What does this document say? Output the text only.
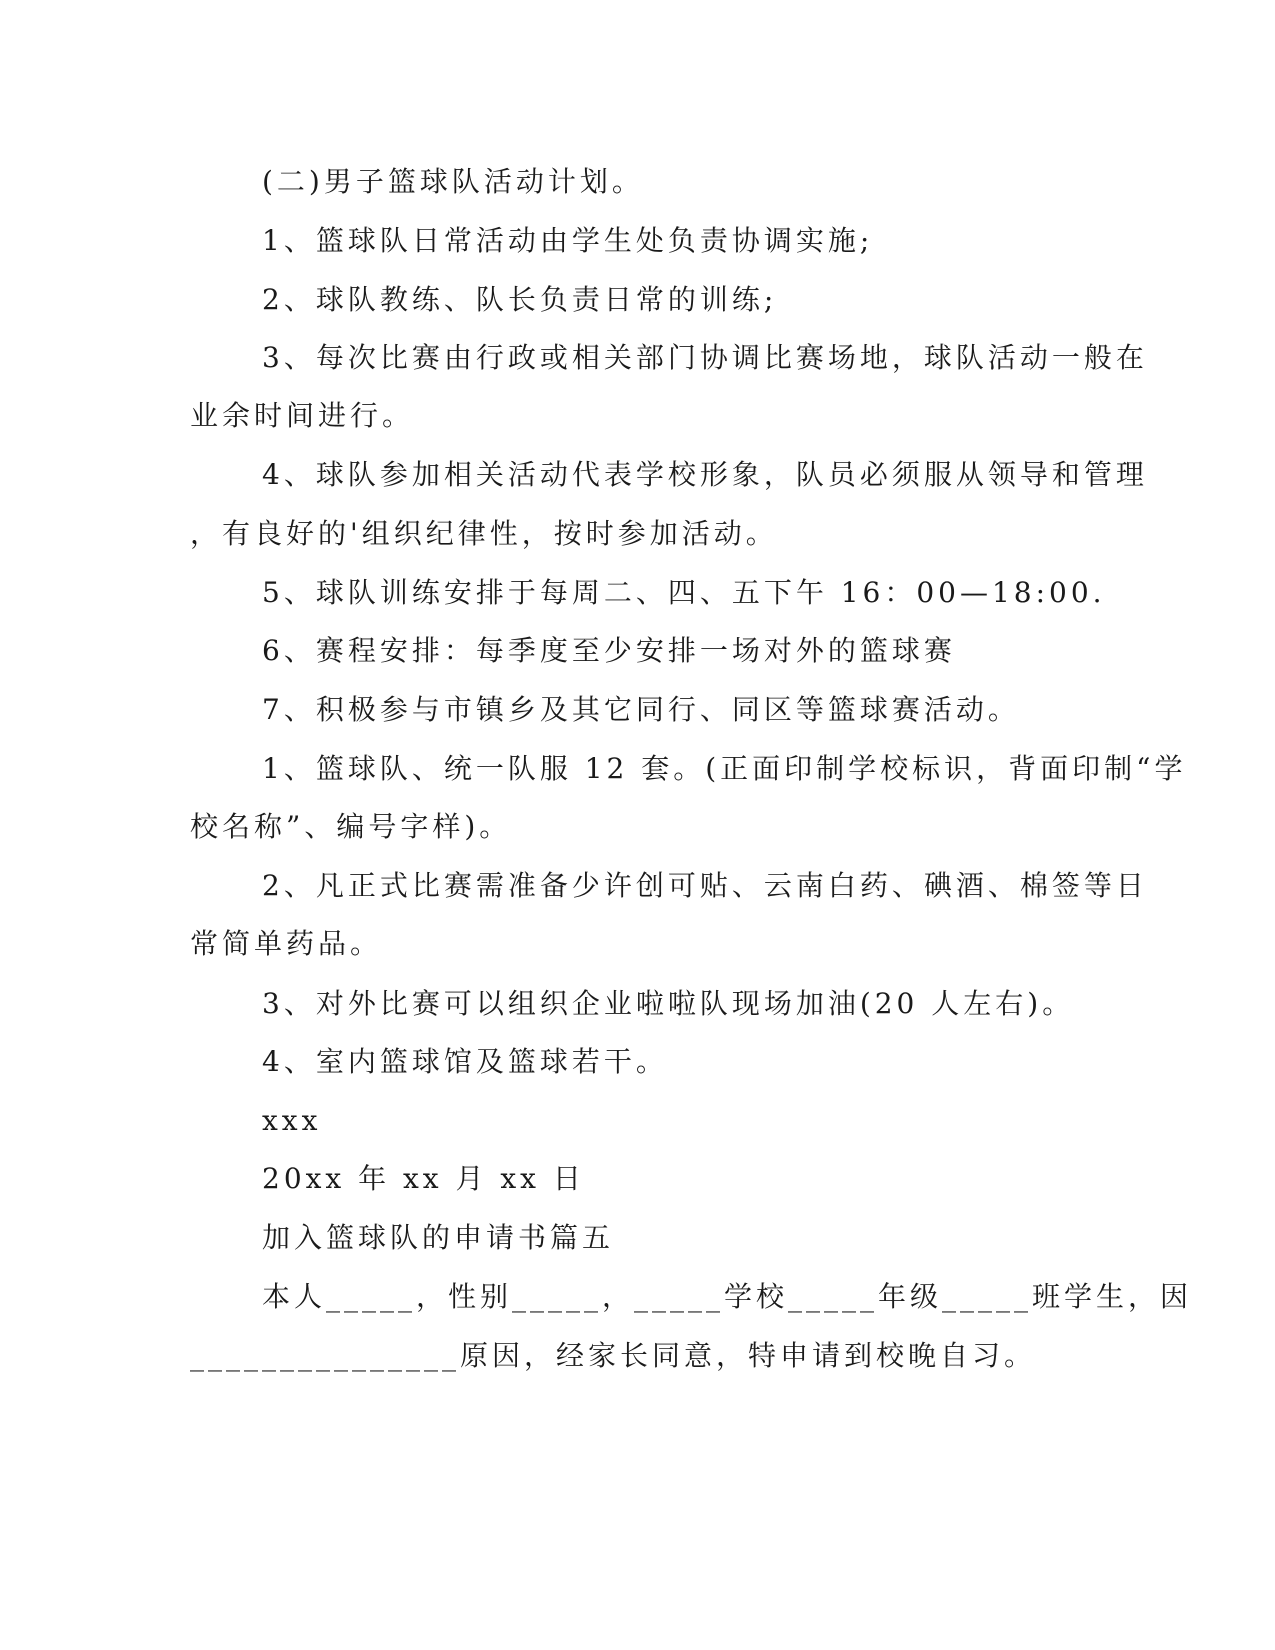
(二)男子篮球队活动计划。

1、篮球队日常活动由学生处负责协调实施;

2、球队教练、队长负责日常的训练;

3、每次比赛由行政或相关部门协调比赛场地，球队活动一般在

业余时间进行。

4、球队参加相关活动代表学校形象，队员必须服从领导和管理

，有良好的'组织纪律性，按时参加活动。

5、球队训练安排于每周二、四、五下午 16：00—18:00.

6、赛程安排：每季度至少安排一场对外的篮球赛

7、积极参与市镇乡及其它同行、同区等篮球赛活动。

1、篮球队、统一队服 12 套。(正面印制学校标识，背面印制“学

校名称”、编号字样)。

2、凡正式比赛需准备少许创可贴、云南白药、碘酒、棉签等日

常简单药品。

3、对外比赛可以组织企业啦啦队现场加油(20 人左右)。

4、室内篮球馆及篮球若干。

xxx

20xx 年 xx 月 xx 日

加入篮球队的申请书篇五

本人_____，性别_____，_____学校_____年级_____班学生，因

_______________原因，经家长同意，特申请到校晚自习。
